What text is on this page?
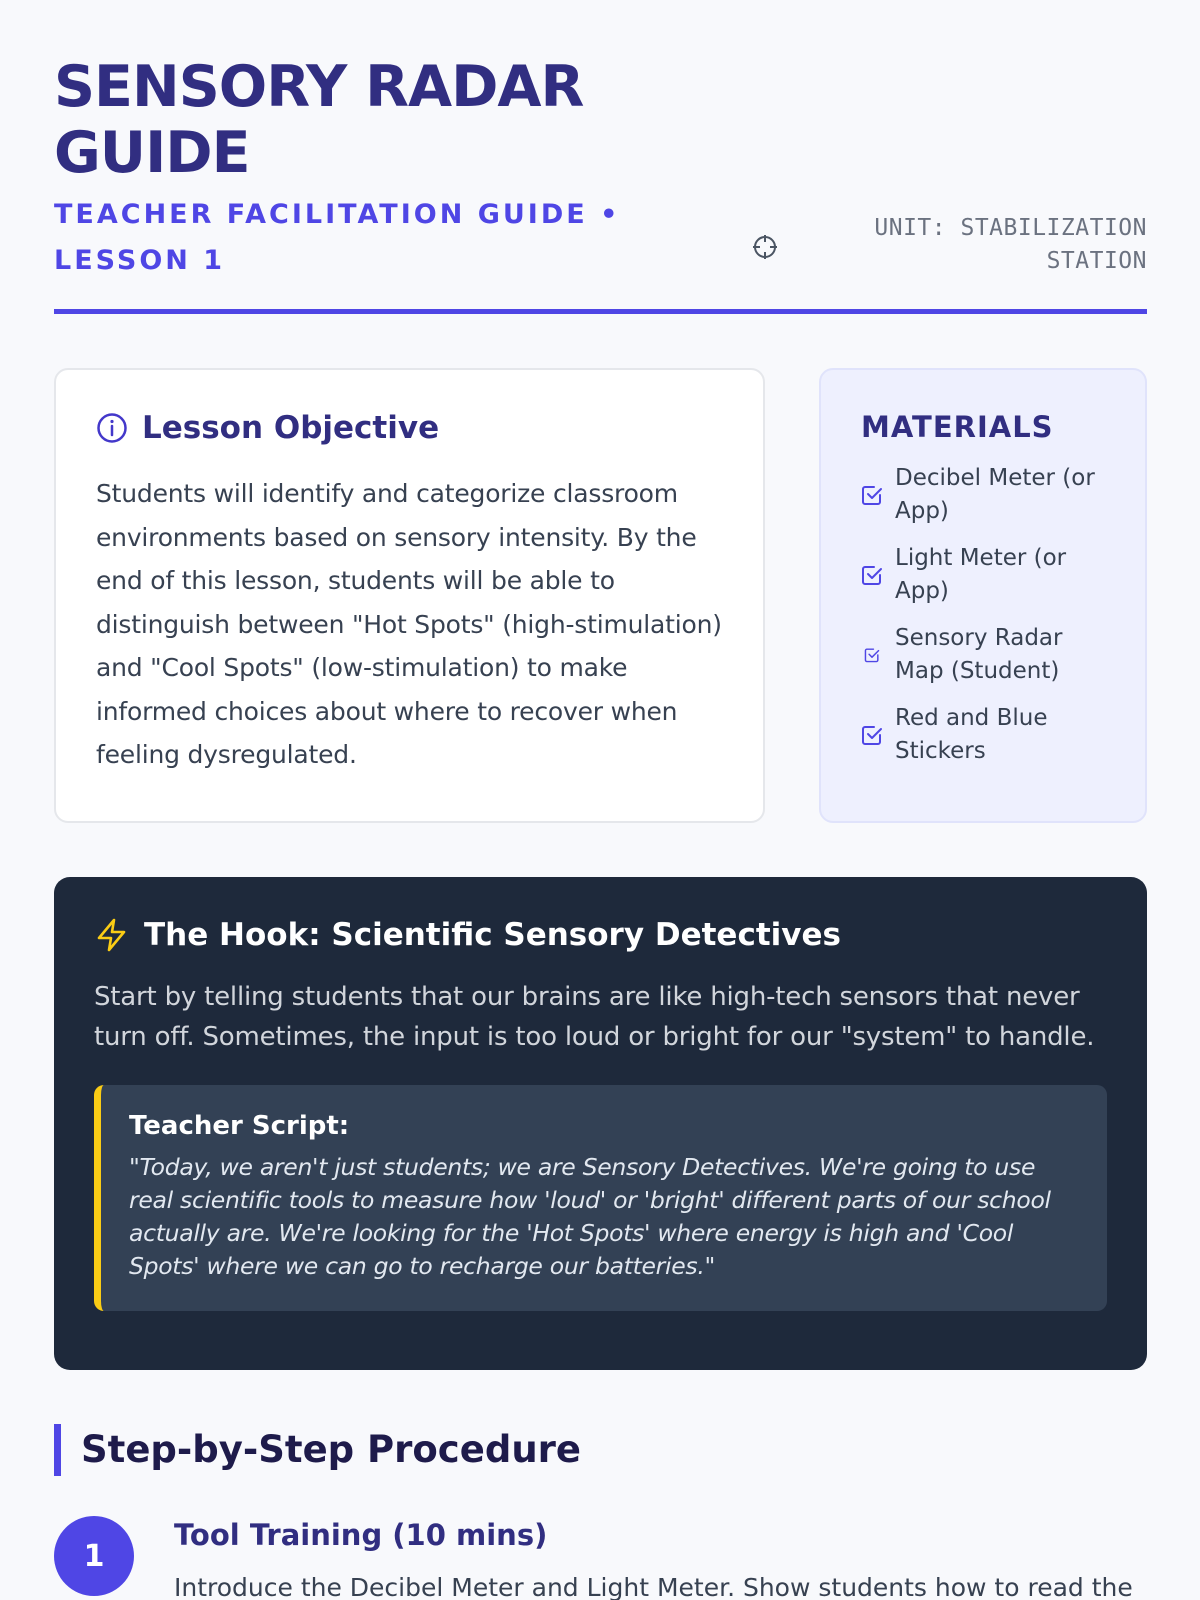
SENSORY RADAR GUIDE
TEACHER FACILITATION GUIDE • LESSON 1
UNIT: STABILIZATION STATION
Lesson Objective

Students will identify and categorize classroom environments based on sensory intensity. By the end of this lesson, students will be able to distinguish between "Hot Spots" (high-stimulation) and "Cool Spots" (low-stimulation) to make informed choices about where to recover when feeling dysregulated.

MATERIALS
Decibel Meter (or App)
Light Meter (or App)
Sensory Radar Map (Student)
Red and Blue Stickers
The Hook: Scientific Sensory Detectives

Start by telling students that our brains are like high-tech sensors that never turn off. Sometimes, the input is too loud or bright for our "system" to handle.

Teacher Script:

"Today, we aren't just students; we are Sensory Detectives. We're going to use real scientific tools to measure how 'loud' or 'bright' different parts of our school actually are. We're looking for the 'Hot Spots' where energy is high and 'Cool Spots' where we can go to recharge our batteries."

Step-by-Step Procedure
1
Tool Training (10 mins)

Introduce the Decibel Meter and Light Meter. Show students how to read the
